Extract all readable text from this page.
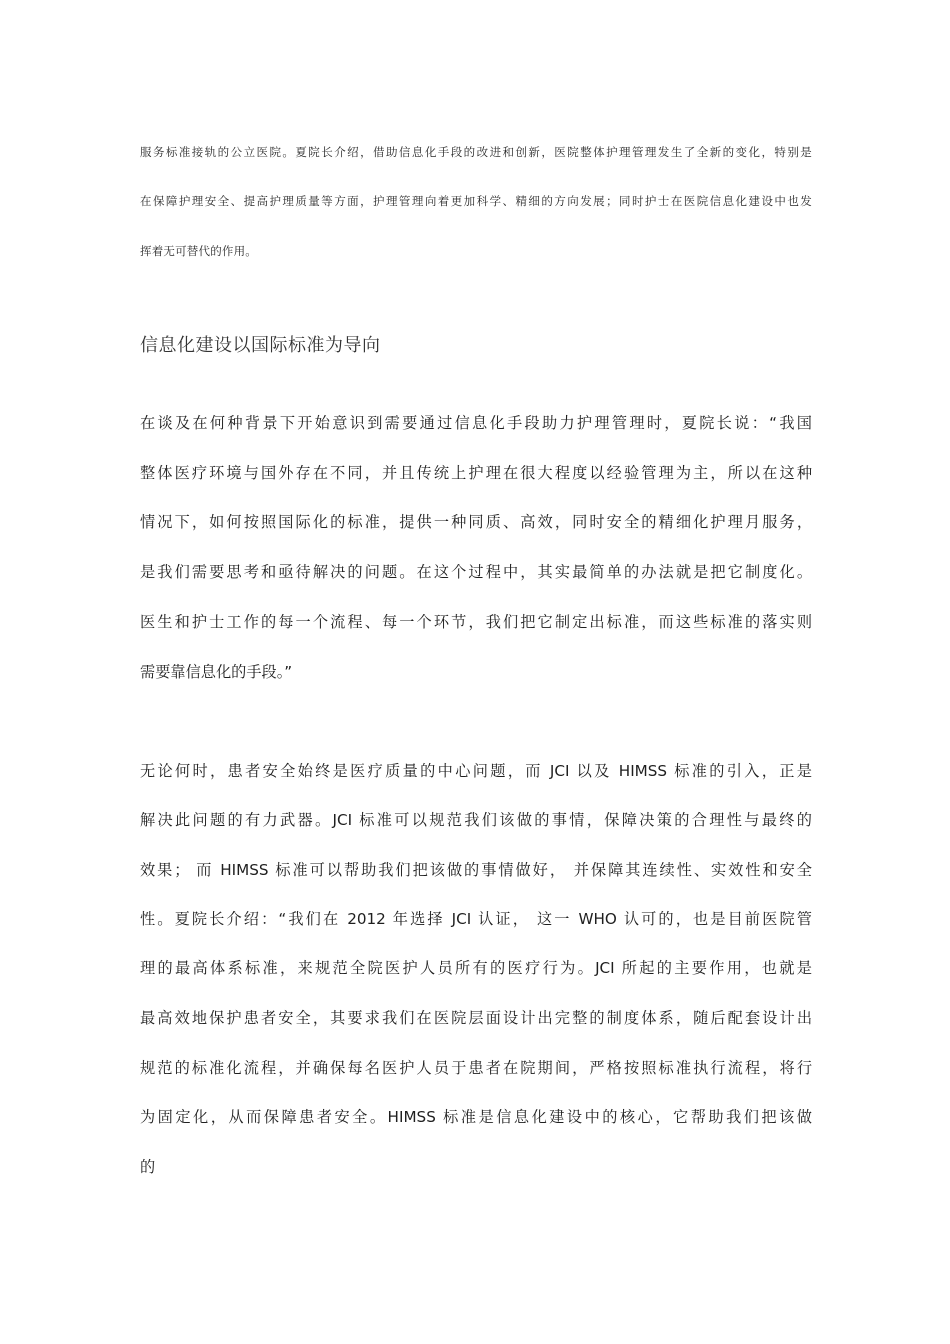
服务标准接轨的公立医院。夏院长介绍，借助信息化手段的改进和创新，医院整体护理管理发生了全新的变化，特别是
在保障护理安全、提高护理质量等方面，护理管理向着更加科学、精细的方向发展；同时护士在医院信息化建设中也发
挥着无可替代的作用。
信息化建设以国际标准为导向
在谈及在何种背景下开始意识到需要通过信息化手段助力护理管理时，夏院长说：“我国
整体医疗环境与国外存在不同，并且传统上护理在很大程度以经验管理为主，所以在这种
情况下，如何按照国际化的标准，提供一种同质、高效，同时安全的精细化护理月服务，
是我们需要思考和亟待解决的问题。在这个过程中，其实最简单的办法就是把它制度化。
医生和护士工作的每一个流程、每一个环节，我们把它制定出标准，而这些标准的落实则
需要靠信息化的手段。”
无论何时，患者安全始终是医疗质量的中心问题，而 JCI 以及 HIMSS 标准的引入，正是
解决此问题的有力武器。JCI 标准可以规范我们该做的事情，保障决策的合理性与最终的
效果； 而 HIMSS 标准可以帮助我们把该做的事情做好， 并保障其连续性、实效性和安全
性。夏院长介绍：“我们在 2012 年选择 JCI 认证， 这一 WHO 认可的，也是目前医院管
理的最高体系标准，来规范全院医护人员所有的医疗行为。JCI 所起的主要作用，也就是
最高效地保护患者安全，其要求我们在医院层面设计出完整的制度体系，随后配套设计出
规范的标准化流程，并确保每名医护人员于患者在院期间，严格按照标准执行流程，将行
为固定化，从而保障患者安全。HIMSS 标准是信息化建设中的核心，它帮助我们把该做
的
